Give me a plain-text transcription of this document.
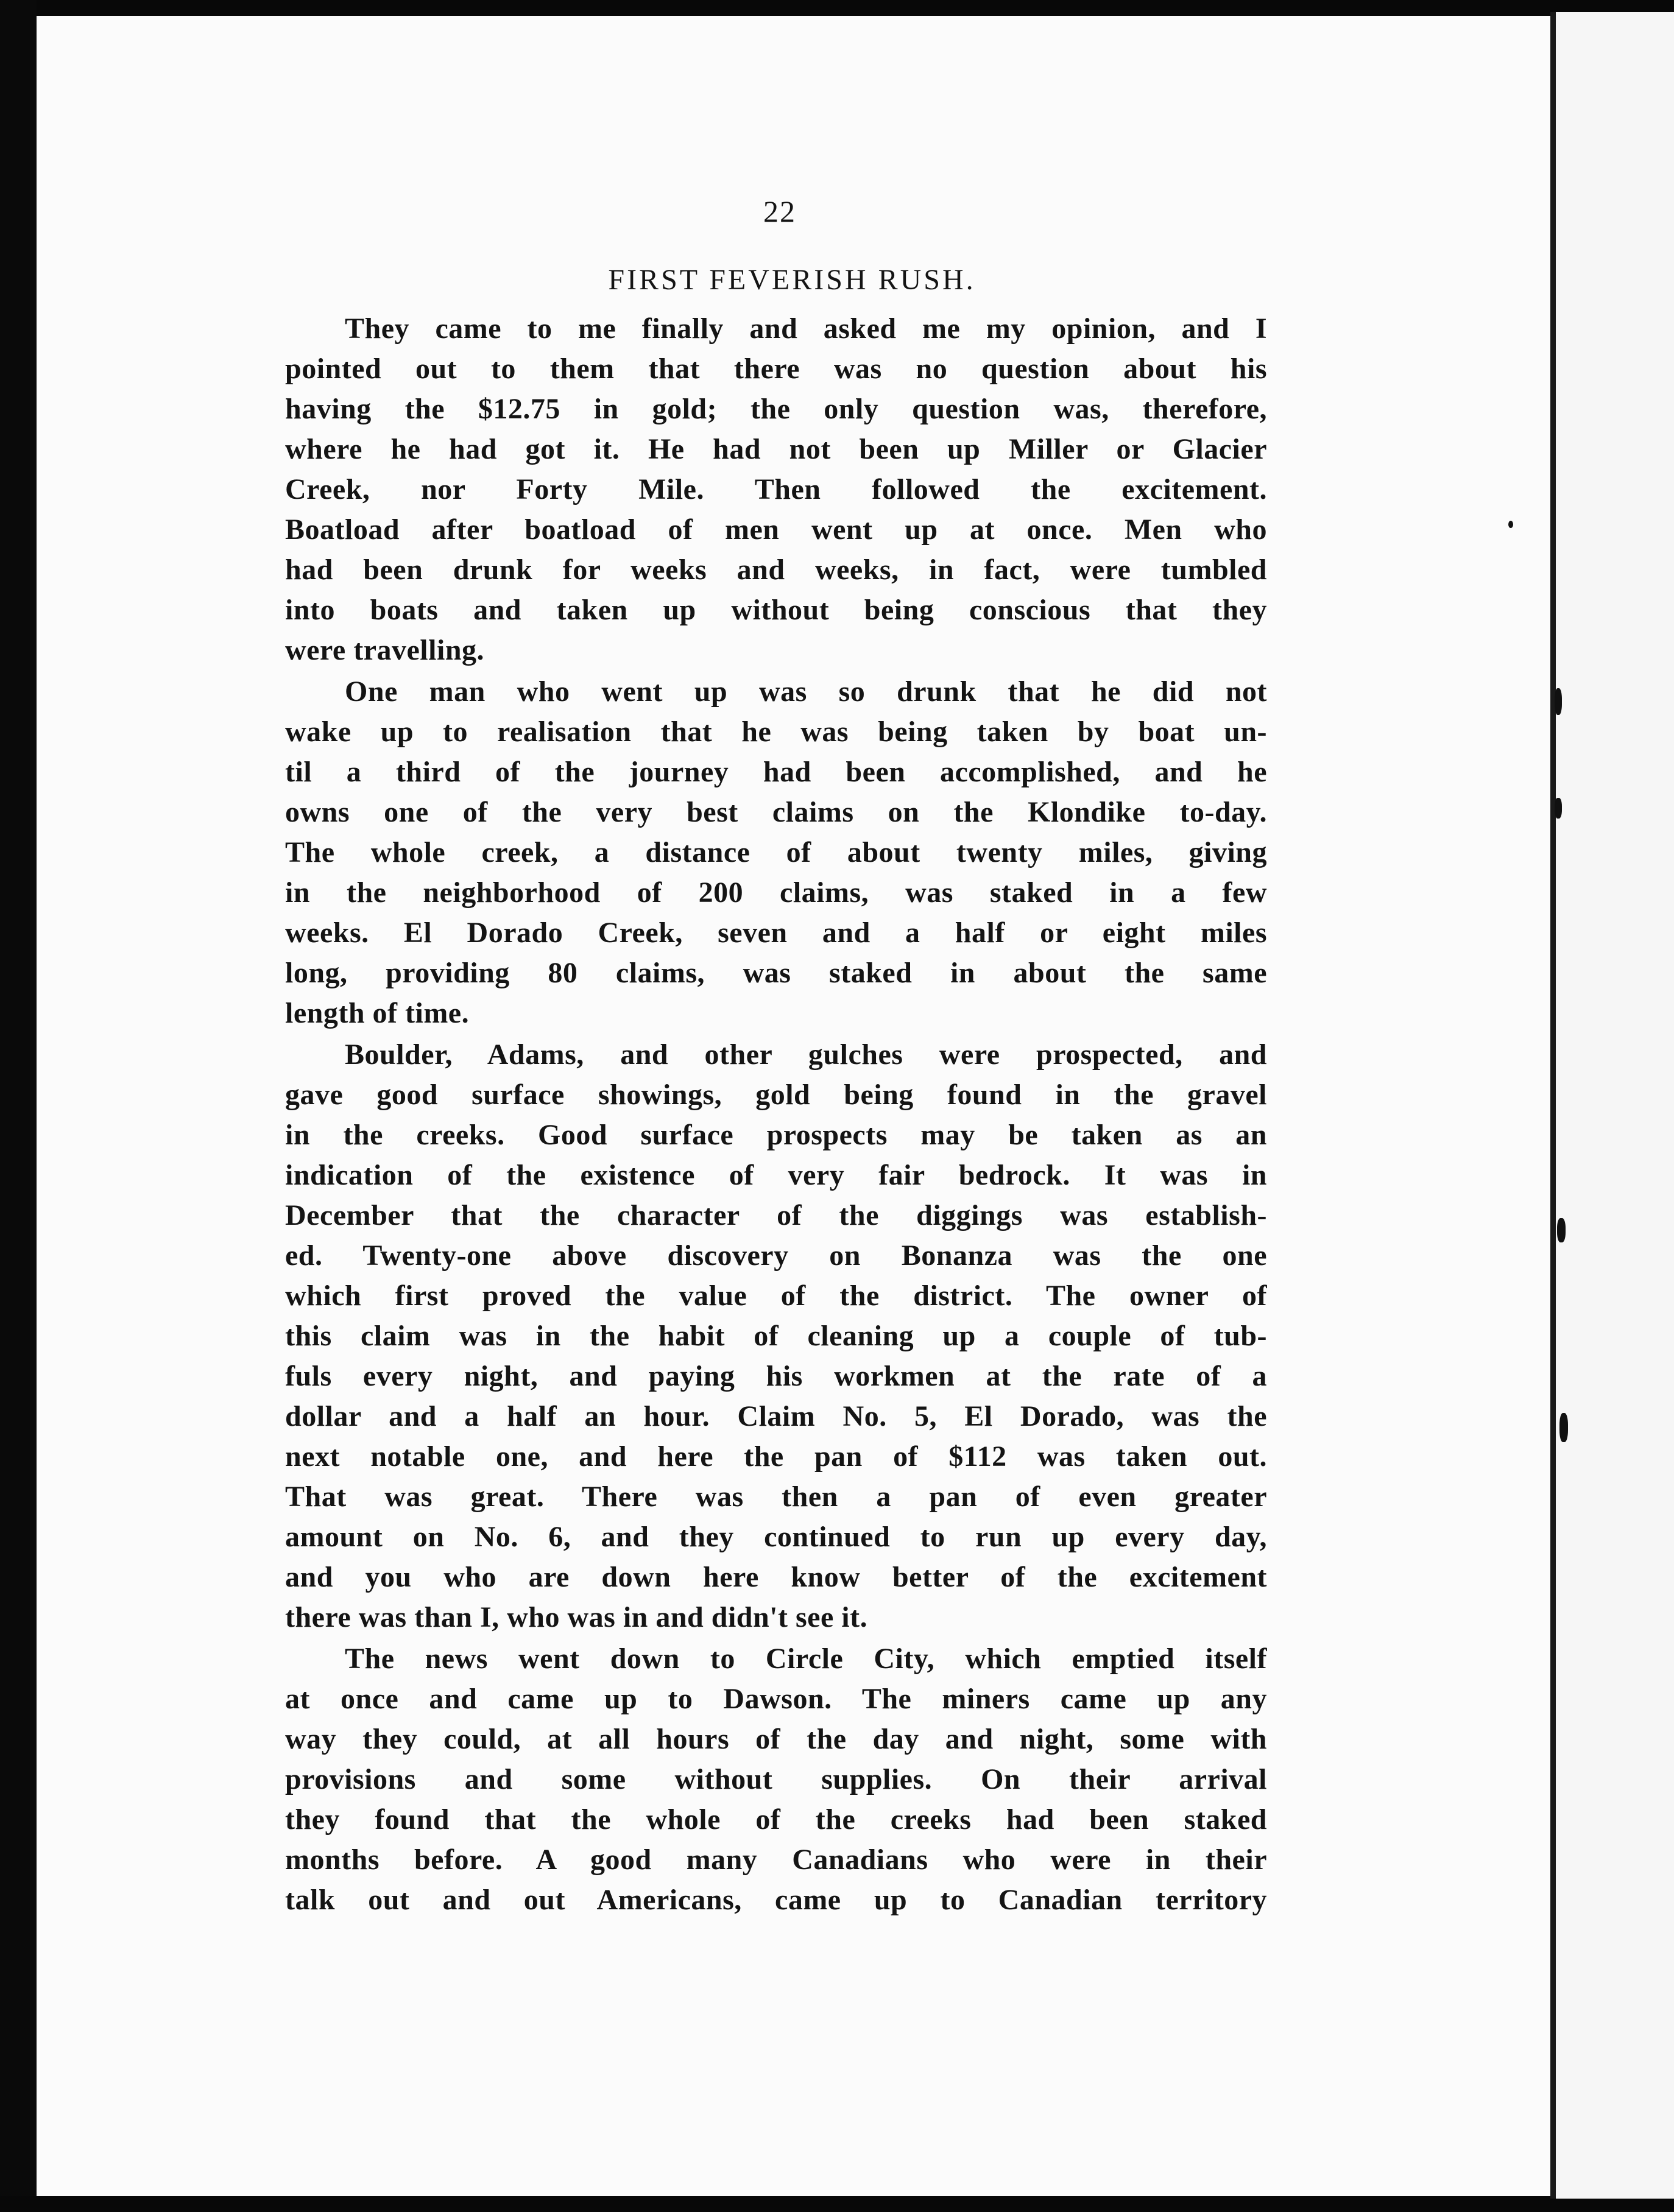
22
FIRST FEVERISH RUSH.
They came to me finally and asked me my opinion, and I
pointed out to them that there was no question about his
having the $12.75 in gold; the only question was, therefore,
where he had got it. He had not been up Miller or Glacier
Creek, nor Forty Mile. Then followed the excitement.
Boatload after boatload of men went up at once. Men who
had been drunk for weeks and weeks, in fact, were tumbled
into boats and taken up without being conscious that they
were travelling.
One man who went up was so drunk that he did not
wake up to realisation that he was being taken by boat un-
til a third of the journey had been accomplished, and he
owns one of the very best claims on the Klondike to-day.
The whole creek, a distance of about twenty miles, giving
in the neighborhood of 200 claims, was staked in a few
weeks. El Dorado Creek, seven and a half or eight miles
long, providing 80 claims, was staked in about the same
length of time.
Boulder, Adams, and other gulches were prospected, and
gave good surface showings, gold being found in the gravel
in the creeks. Good surface prospects may be taken as an
indication of the existence of very fair bedrock. It was in
December that the character of the diggings was establish-
ed. Twenty-one above discovery on Bonanza was the one
which first proved the value of the district. The owner of
this claim was in the habit of cleaning up a couple of tub-
fuls every night, and paying his workmen at the rate of a
dollar and a half an hour. Claim No. 5, El Dorado, was the
next notable one, and here the pan of $112 was taken out.
That was great. There was then a pan of even greater
amount on No. 6, and they continued to run up every day,
and you who are down here know better of the excitement
there was than I, who was in and didn't see it.
The news went down to Circle City, which emptied itself
at once and came up to Dawson. The miners came up any
way they could, at all hours of the day and night, some with
provisions and some without supplies. On their arrival
they found that the whole of the creeks had been staked
months before. A good many Canadians who were in their
talk out and out Americans, came up to Canadian territory
